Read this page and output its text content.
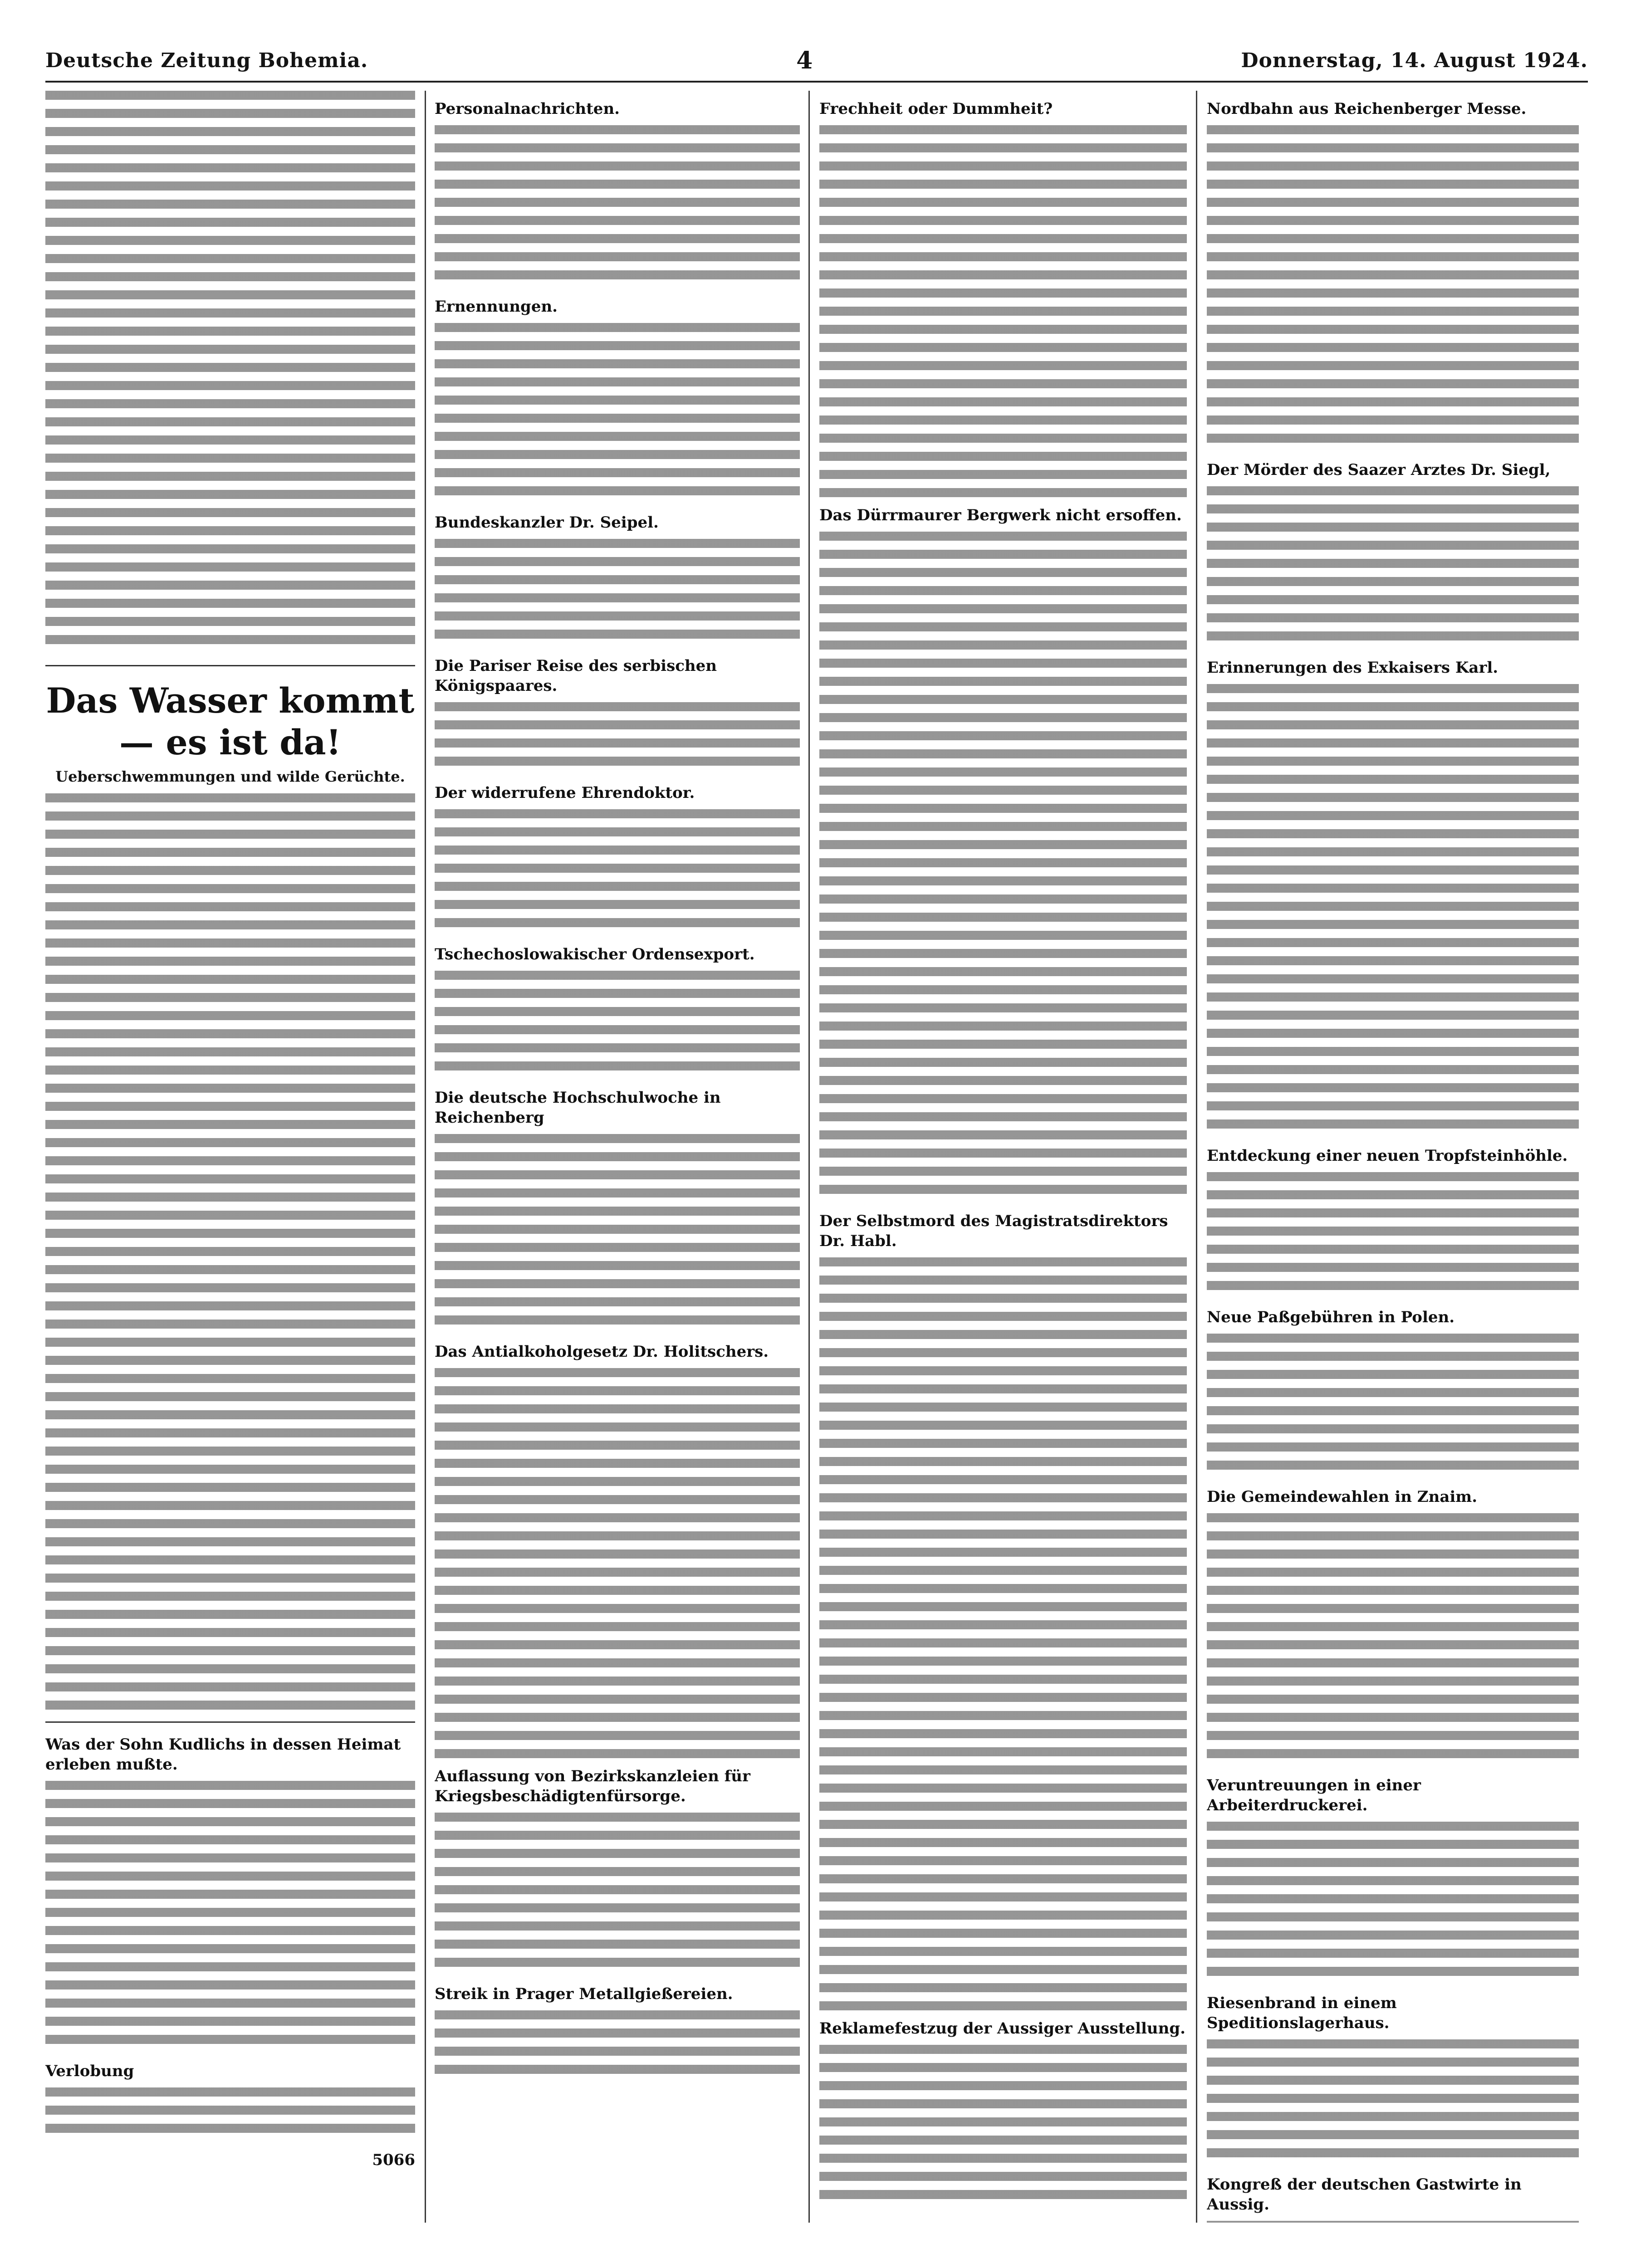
Deutsche Zeitung Bohemia.	4	Donnerstag, 14. August 1924.
Das Wasser kommt — es ist da!
Ueberschwemmungen und wilde Gerüchte.
Was der Sohn Kudlichs in dessen Heimat erleben mußte.
Verlobung
5066
Personalnachrichten.
Ernennungen.
Bundeskanzler Dr. Seipel.
Die Pariser Reise des serbischen Königspaares.
Der widerrufene Ehrendoktor.
Tschechoslowakischer Ordensexport.
Die deutsche Hochschulwoche in Reichenberg
Das Antialkoholgesetz Dr. Holitschers.
Auflassung von Bezirkskanzleien für Kriegsbeschädigtenfürsorge.
Streik in Prager Metallgießereien.
Frechheit oder Dummheit?
Das Dürrmaurer Bergwerk nicht ersoffen.
Der Selbstmord des Magistratsdirektors Dr. Habl.
Reklamefestzug der Aussiger Ausstellung.
Nordbahn aus Reichenberger Messe.
Der Mörder des Saazer Arztes Dr. Siegl,
Erinnerungen des Exkaisers Karl.
Entdeckung einer neuen Tropfsteinhöhle.
Neue Paßgebühren in Polen.
Die Gemeindewahlen in Znaim.
Veruntreuungen in einer Arbeiterdruckerei.
Riesenbrand in einem Speditionslagerhaus.
Kongreß der deutschen Gastwirte in Aussig.
